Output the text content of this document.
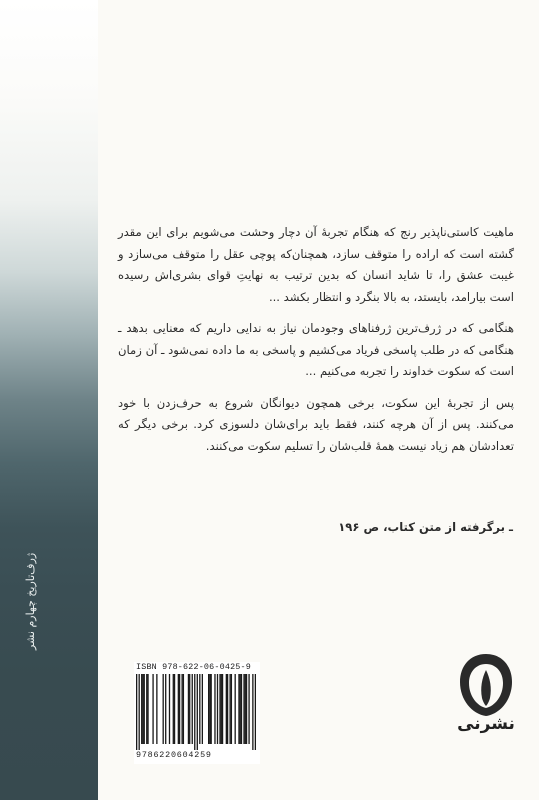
ژرف‌تاریخ چهارم نشر

ماهیت کاستی‌ناپذیر رنج که هنگام تجربهٔ آن دچار وحشت می‌شویم برای این مقدر گشته است که اراده را متوقف سازد، همچنان‌که پوچی عقل را متوقف می‌سازد و غیبت عشق را، تا شاید انسان که بدین ترتیب به نهایتِ قوای بشری‌اش رسیده است بیارامد، بایستد، به بالا بنگرد و انتظار بکشد ...

هنگامی که در ژرف‌ترین ژرفناهای وجودمان نیاز به ندایی داریم که معنایی بدهد ـ هنگامی که در طلب پاسخی فریاد می‌کشیم و پاسخی به ما داده نمی‌شود ـ آن زمان است که سکوت خداوند را تجربه می‌کنیم ...

پس از تجربهٔ این سکوت، برخی همچون دیوانگان شروع به حرف‌زدن با خود می‌کنند. پس از آن هرچه کنند، فقط باید برای‌شان دلسوزی کرد. برخی دیگر که تعدادشان هم زیاد نیست همهٔ قلب‌شان را تسلیم سکوت می‌کنند.

ـ برگرفته از متن کتاب، ص ۱۹۶
ISBN 978-622-06-0425-9
9786220604259
نشرنی
